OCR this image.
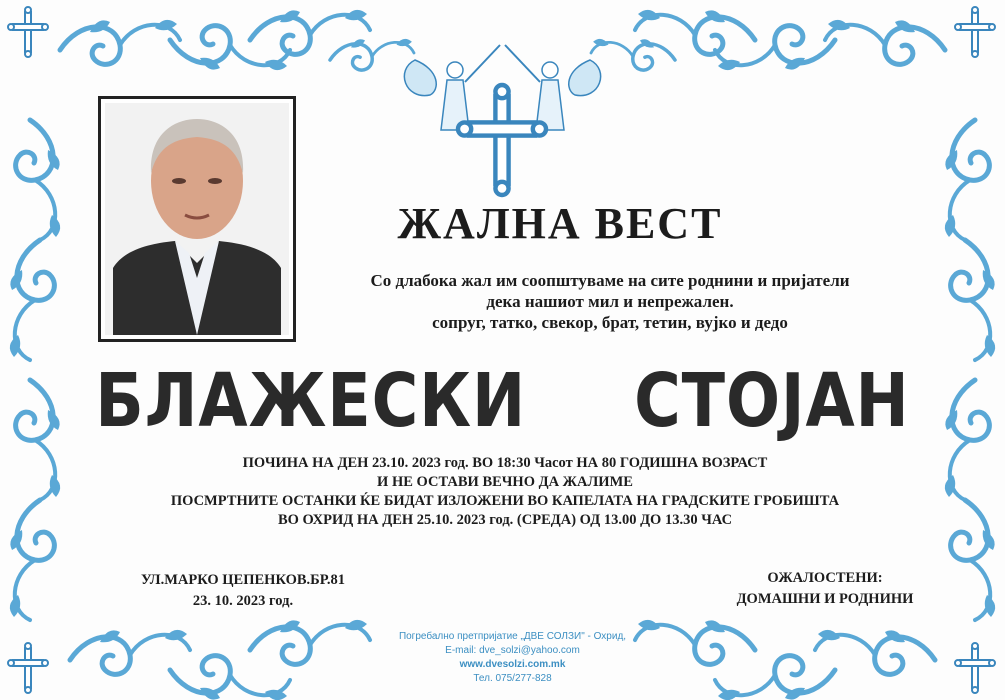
ЖАЛНА ВЕСТ
Со длабока жал им соопштуваме на сите роднини и пријатели
дека нашиот мил и непрежален.
сопруг, татко, свекор, брат, тетин, вујко и дедо
БЛАЖЕСКИ  СТОЈАН
ПОЧИНА НА ДЕН 23.10. 2023 год. ВО 18:30 Часот НА 80 ГОДИШНА ВОЗРАСТ
И НЕ ОСТАВИ ВЕЧНО ДА ЖАЛИМЕ
ПОСМРТНИТЕ ОСТАНКИ ЌЕ БИДАТ ИЗЛОЖЕНИ ВО КАПЕЛАТА НА ГРАДСКИТЕ ГРОБИШТА
ВО ОХРИД НА ДЕН 25.10. 2023 год. (СРЕДА) ОД 13.00 ДО 13.30 ЧАС
УЛ.МАРКО ЦЕПЕНКОВ.БР.81
23. 10. 2023 год.
ОЖАЛОСТЕНИ:
ДОМАШНИ И РОДНИНИ
Погребално претпријатие „ДВЕ СОЛЗИ" - Охрид,
E-mail: dve_solzi@yahoo.com
www.dvesolzi.com.mk
Тел. 075/277-828
